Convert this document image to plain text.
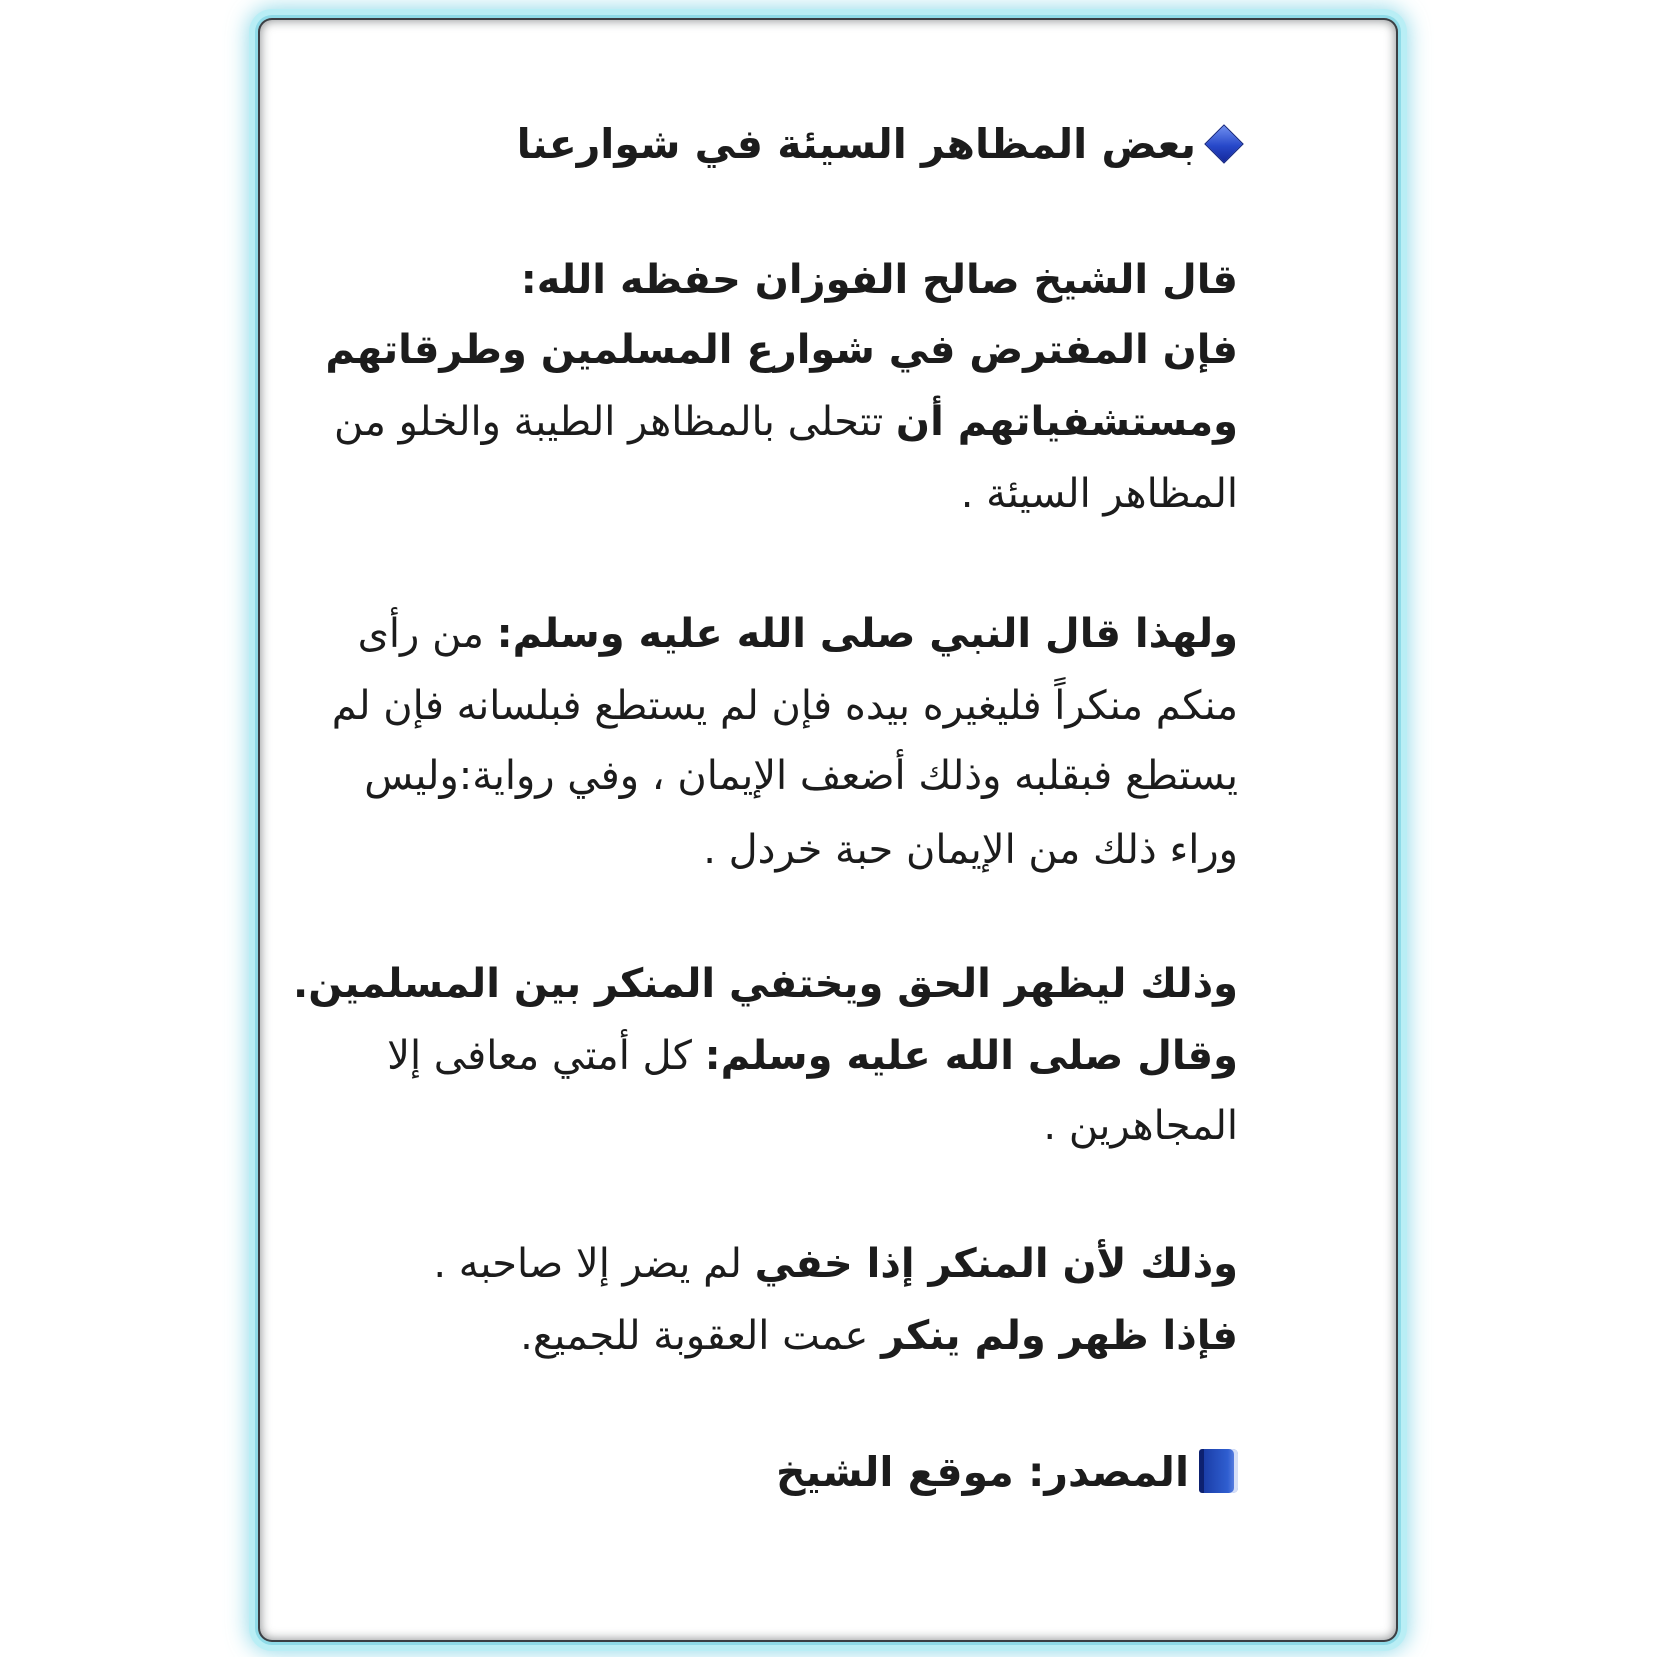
بعض المظاهر السيئة في شوارعنا
قال الشيخ صالح الفوزان حفظه الله:
فإن المفترض في شوارع المسلمين وطرقاتهم
ومستشفياتهم أن تتحلى بالمظاهر الطيبة والخلو من
المظاهر السيئة .
ولهذا قال النبي صلى الله عليه وسلم: من رأى
منكم منكراً فليغيره بيده فإن لم يستطع فبلسانه فإن لم
يستطع فبقلبه وذلك أضعف الإيمان ، وفي رواية:وليس
وراء ذلك من الإيمان حبة خردل .
وذلك ليظهر الحق ويختفي المنكر بين المسلمين.
وقال صلى الله عليه وسلم: كل أمتي معافى إلا
المجاهرين .
وذلك لأن المنكر إذا خفي لم يضر إلا صاحبه .
فإذا ظهر ولم ينكر عمت العقوبة للجميع.
المصدر: موقع الشيخ
